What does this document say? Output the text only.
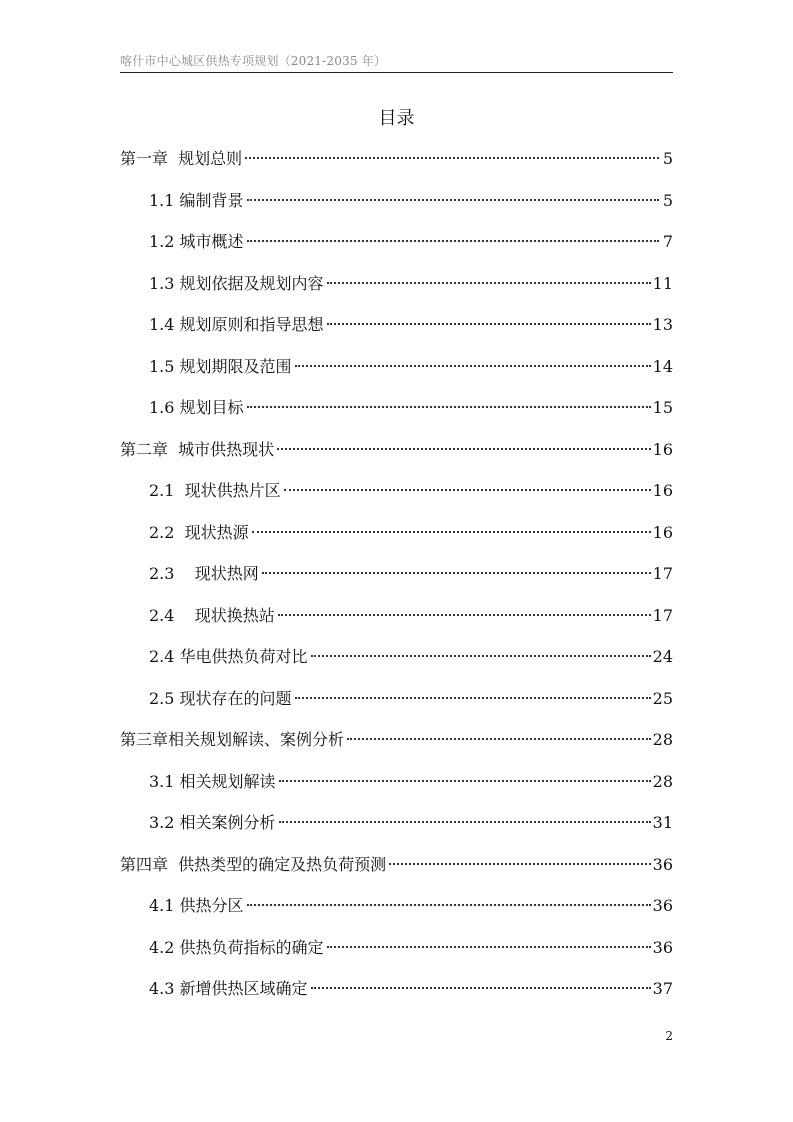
喀什市中心城区供热专项规划（2021-2035 年）
目录
第一章  规划总则	5
1.1 编制背景	5
1.2 城市概述	7
1.3 规划依据及规划内容	11
1.4 规划原则和指导思想	13
1.5 规划期限及范围	14
1.6 规划目标	15
第二章  城市供热现状	16
2.1  现状供热片区	16
2.2  现状热源	16
2.3    现状热网	17
2.4    现状换热站	17
2.4 华电供热负荷对比	24
2.5 现状存在的问题	25
第三章相关规划解读、案例分析	28
3.1 相关规划解读	28
3.2 相关案例分析	31
第四章  供热类型的确定及热负荷预测	36
4.1 供热分区	36
4.2 供热负荷指标的确定	36
4.3 新增供热区域确定	37
2
